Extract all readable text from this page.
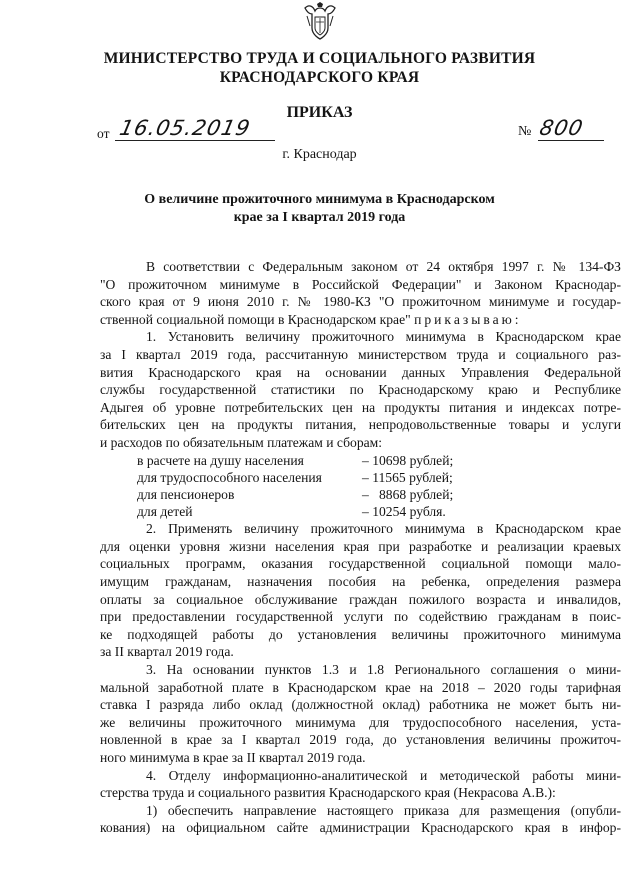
МИНИСТЕРСТВО ТРУДА И СОЦИАЛЬНОГО РАЗВИТИЯ
КРАСНОДАРСКОГО КРАЯ
ПРИКАЗ
от 16.05.2019	№ 800
г. Краснодар
О величине прожиточного минимума в Краснодарском
крае за I квартал 2019 года
В соответствии с Федеральным законом от 24 октября 1997 г. № 134-ФЗ
"О прожиточном минимуме в Российской Федерации" и Законом Краснодар-
ского края от 9 июня 2010 г. № 1980-КЗ "О прожиточном минимуме и государ-
ственной социальной помощи в Краснодарском крае" приказываю:
1. Установить величину прожиточного минимума в Краснодарском крае
за I квартал 2019 года, рассчитанную министерством труда и социального раз-
вития Краснодарского края на основании данных Управления Федеральной
службы государственной статистики по Краснодарскому краю и Республике
Адыгея об уровне потребительских цен на продукты питания и индексах потре-
бительских цен на продукты питания, непродовольственные товары и услуги
и расходов по обязательным платежам и сборам:
в расчете на душу населения	– 10698 рублей;
для трудоспособного населения	– 11565 рублей;
для пенсионеров	–   8868 рублей;
для детей	– 10254 рубля.
2. Применять величину прожиточного минимума в Краснодарском крае
для оценки уровня жизни населения края при разработке и реализации краевых
социальных программ, оказания государственной социальной помощи мало-
имущим гражданам, назначения пособия на ребенка, определения размера
оплаты за социальное обслуживание граждан пожилого возраста и инвалидов,
при предоставлении государственной услуги по содействию гражданам в поис-
ке подходящей работы до установления величины прожиточного минимума
за II квартал 2019 года.
3. На основании пунктов 1.3 и 1.8 Регионального соглашения о мини-
мальной заработной плате в Краснодарском крае на 2018 – 2020 годы тарифная
ставка I разряда либо оклад (должностной оклад) работника не может быть ни-
же величины прожиточного минимума для трудоспособного населения, уста-
новленной в крае за I квартал 2019 года, до установления величины прожиточ-
ного минимума в крае за II квартал 2019 года.
4. Отделу информационно-аналитической и методической работы мини-
стерства труда и социального развития Краснодарского края (Некрасова А.В.):
1) обеспечить направление настоящего приказа для размещения (опубли-
кования) на официальном сайте администрации Краснодарского края в инфор-
